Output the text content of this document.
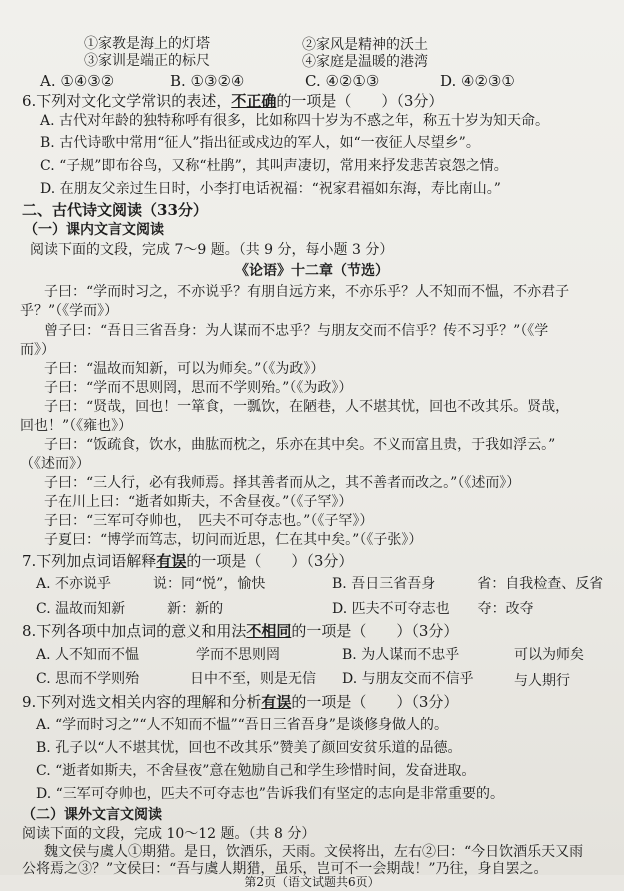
①家教是海上的灯塔	②家风是精神的沃土
③家训是端正的标尺	④家庭是温暖的港湾
A. ①④③②	B. ①③②④	C. ④②①③	D. ④②③①
6.下列对文化文学常识的表述，不正确的一项是（　　）（3分）
A. 古代对年龄的独特称呼有很多，比如称四十岁为不惑之年，称五十岁为知天命。
B. 古代诗歌中常用“征人”指出征或戍边的军人，如“一夜征人尽望乡”。
C. “子规”即布谷鸟，又称“杜鹃”，其叫声凄切，常用来抒发悲苦哀怨之情。
D. 在朋友父亲过生日时，小李打电话祝福：“祝家君福如东海，寿比南山。”
二、古代诗文阅读（33分）
（一）课内文言文阅读
阅读下面的文段，完成 7～9 题。（共 9 分，每小题 3 分）
《论语》十二章（节选）
子曰：“学而时习之，不亦说乎？有朋自远方来，不亦乐乎？人不知而不愠，不亦君子
乎？”（《学而》）
曾子曰：“吾日三省吾身：为人谋而不忠乎？与朋友交而不信乎？传不习乎？”（《学
而》）
子曰：“温故而知新，可以为师矣。”（《为政》）
子曰：“学而不思则罔，思而不学则殆。”（《为政》）
子曰：“贤哉，回也！一箪食，一瓢饮，在陋巷，人不堪其忧，回也不改其乐。贤哉，
回也！”（《雍也》）
子曰：“饭疏食，饮水，曲肱而枕之，乐亦在其中矣。不义而富且贵，于我如浮云。”
（《述而》）
子曰：“三人行，必有我师焉。择其善者而从之，其不善者而改之。”（《述而》）
子在川上曰：“逝者如斯夫，不舍昼夜。”（《子罕》）
子曰：“三军可夺帅也，　匹夫不可夺志也。”（《子罕》）
子夏曰：“博学而笃志，切问而近思，仁在其中矣。”（《子张》）
7.下列加点词语解释有误的一项是（　　）（3分）
A. 不亦说乎　　　说：同“悦”，愉快	B. 吾日三省吾身　　　省：自我检查、反省
C. 温故而知新　　　新：新的	D. 匹夫不可夺志也　　夺：改夺
8.下列各项中加点词的意义和用法不相同的一项是（　　）（3分）
A. 人不知而不愠	学而不思则罔	B. 为人谋而不忠乎	可以为师矣
C. 思而不学则殆	日中不至，则是无信 D. 与朋友交而不信乎	与人期行
9.下列对选文相关内容的理解和分析有误的一项是（　　）（3分）
A. “学而时习之”“人不知而不愠”“吾日三省吾身”是谈修身做人的。
B. 孔子以“人不堪其忧，回也不改其乐”赞美了颜回安贫乐道的品德。
C. “逝者如斯夫，不舍昼夜”意在勉励自己和学生珍惜时间，发奋进取。
D. “三军可夺帅也，匹夫不可夺志也”告诉我们有坚定的志向是非常重要的。
（二）课外文言文阅读
阅读下面的文段，完成 10～12 题。（共 8 分）
魏文侯与虞人①期猎。是日，饮酒乐，天雨。文侯将出，左右②曰：“今日饮酒乐天又雨
公将焉之③？”文侯曰：“吾与虞人期猎，虽乐，岂可不一会期哉！”乃往，身自罢之。
第2页（语文试题共6页）
